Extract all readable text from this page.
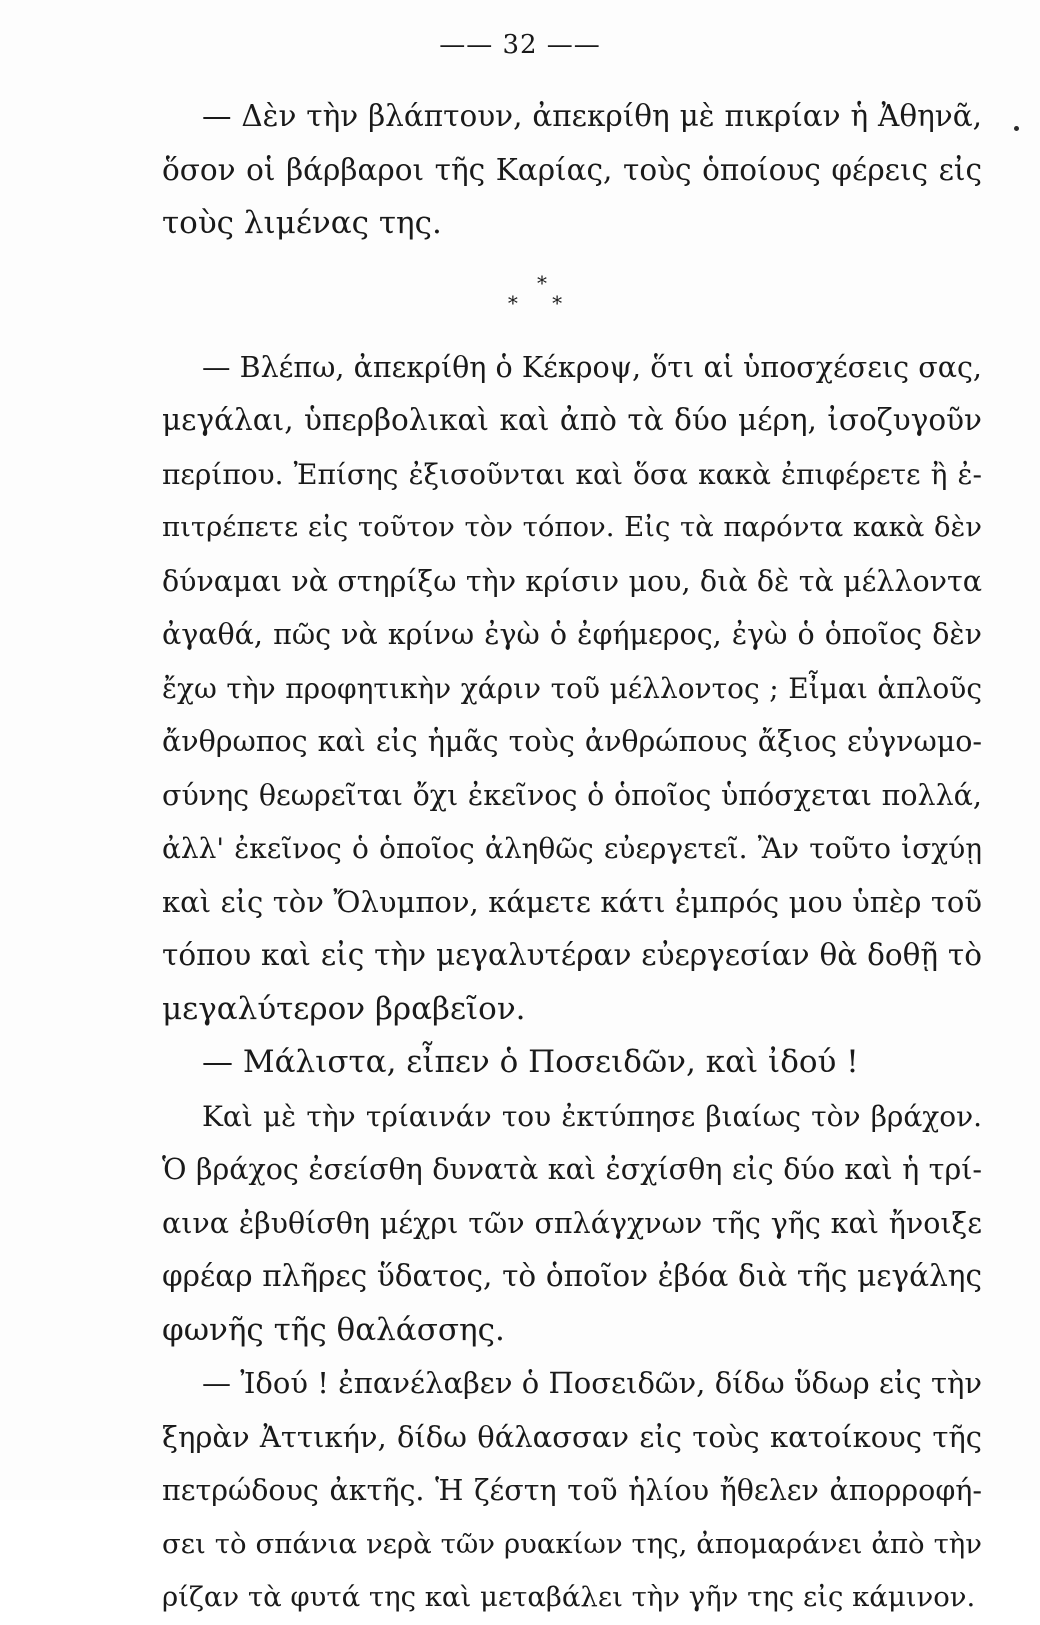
—— 32 ——
— Δὲν τὴν βλάπτουν, ἀπεκρίθη μὲ πικρίαν ἡ Ἀθηνᾶ,
ὅσον οἱ βάρβαροι τῆς Καρίας, τοὺς ὁποίους φέρεις εἰς
τοὺς λιμένας της.
*
* *
— Βλέπω, ἀπεκρίθη ὁ Κέκροψ, ὅτι αἱ ὑποσχέσεις σας,
μεγάλαι, ὑπερβολικαὶ καὶ ἀπὸ τὰ δύο μέρη, ἰσοζυγοῦν
περίπου. Ἐπίσης ἐξισοῦνται καὶ ὅσα κακὰ ἐπιφέρετε ἢ ἐ-
πιτρέπετε εἰς τοῦτον τὸν τόπον. Εἰς τὰ παρόντα κακὰ δὲν
δύναμαι νὰ στηρίξω τὴν κρίσιν μου, διὰ δὲ τὰ μέλλοντα
ἀγαθά, πῶς νὰ κρίνω ἐγὼ ὁ ἐφήμερος, ἐγὼ ὁ ὁποῖος δὲν
ἔχω τὴν προφητικὴν χάριν τοῦ μέλλοντος ; Εἶμαι ἁπλοῦς
ἄνθρωπος καὶ εἰς ἡμᾶς τοὺς ἀνθρώπους ἄξιος εὐγνωμο-
σύνης θεωρεῖται ὄχι ἐκεῖνος ὁ ὁποῖος ὑπόσχεται πολλά,
ἀλλ' ἐκεῖνος ὁ ὁποῖος ἀληθῶς εὐεργετεῖ. Ἂν τοῦτο ἰσχύῃ
καὶ εἰς τὸν Ὄλυμπον, κάμετε κάτι ἐμπρός μου ὑπὲρ τοῦ
τόπου καὶ εἰς τὴν μεγαλυτέραν εὐεργεσίαν θὰ δοθῇ τὸ
μεγαλύτερον βραβεῖον.
— Μάλιστα, εἶπεν ὁ Ποσειδῶν, καὶ ἰδού !
Καὶ μὲ τὴν τρίαινάν του ἐκτύπησε βιαίως τὸν βράχον.
Ὁ βράχος ἐσείσθη δυνατὰ καὶ ἐσχίσθη εἰς δύο καὶ ἡ τρί-
αινα ἐβυθίσθη μέχρι τῶν σπλάγχνων τῆς γῆς καὶ ἤνοιξε
φρέαρ πλῆρες ὕδατος, τὸ ὁποῖον ἐβόα διὰ τῆς μεγάλης
φωνῆς τῆς θαλάσσης.
— Ἰδού ! ἐπανέλαβεν ὁ Ποσειδῶν, δίδω ὕδωρ εἰς τὴν
ξηρὰν Ἀττικήν, δίδω θάλασσαν εἰς τοὺς κατοίκους τῆς
πετρώδους ἀκτῆς. Ἡ ζέστη τοῦ ἡλίου ἤθελεν ἀπορροφή-
σει τὸ σπάνια νερὰ τῶν ρυακίων της, ἀπομαράνει ἀπὸ τὴν
ρίζαν τὰ φυτά της καὶ μεταβάλει τὴν γῆν της εἰς κάμινον.
